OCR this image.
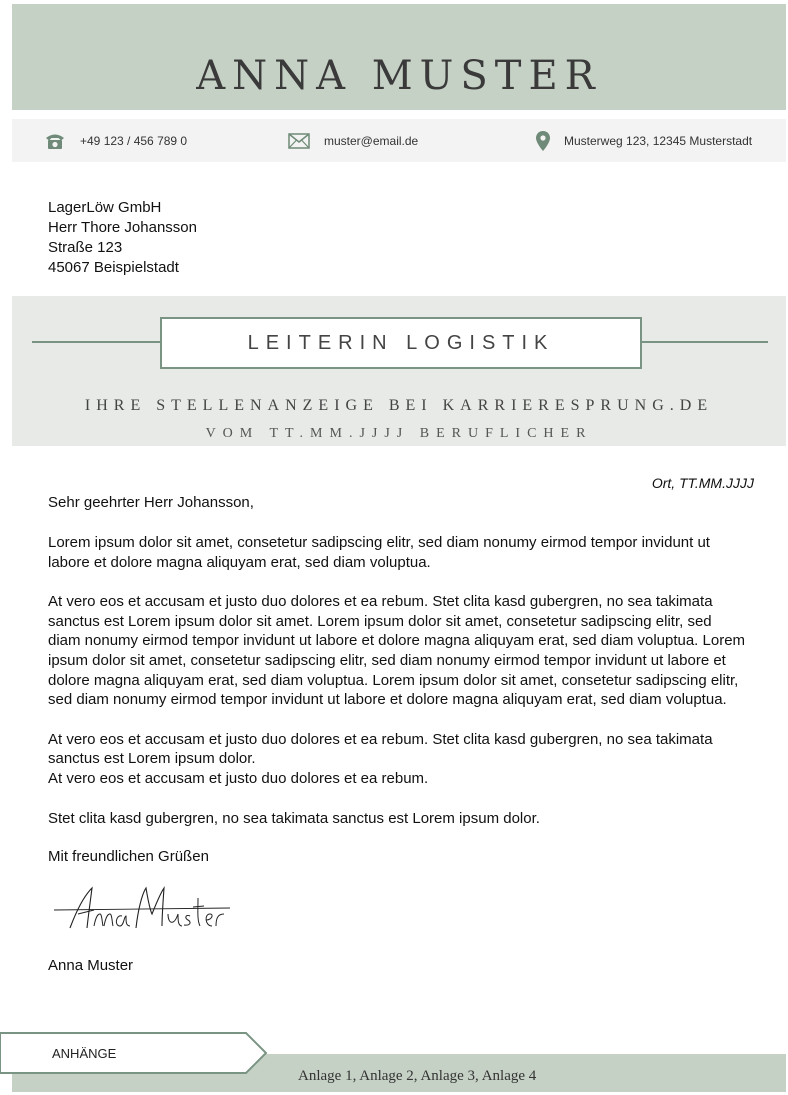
ANNA MUSTER
+49 123 / 456 789 0	muster@email.de	Musterweg 123, 12345 Musterstadt
LagerLöw GmbH
Herr Thore Johansson
Straße 123
45067 Beispielstadt
LEITERIN LOGISTIK
IHRE STELLENANZEIGE BEI KARRIERESPRUNG.DE
VOM TT.MM.JJJJ BERUFLICHER
Ort, TT.MM.JJJJ
Sehr geehrter Herr Johansson,

Lorem ipsum dolor sit amet, consetetur sadipscing elitr, sed diam nonumy eirmod tempor invidunt ut labore et dolore magna aliquyam erat, sed diam voluptua.

At vero eos et accusam et justo duo dolores et ea rebum. Stet clita kasd gubergren, no sea takimata sanctus est Lorem ipsum dolor sit amet. Lorem ipsum dolor sit amet, consetetur sadipscing elitr, sed diam nonumy eirmod tempor invidunt ut labore et dolore magna aliquyam erat, sed diam voluptua. Lorem ipsum dolor sit amet, consetetur sadipscing elitr, sed diam nonumy eirmod tempor invidunt ut labore et dolore magna aliquyam erat, sed diam voluptua. Lorem ipsum dolor sit amet, consetetur sadipscing elitr, sed diam nonumy eirmod tempor invidunt ut labore et dolore magna aliquyam erat, sed diam voluptua.

At vero eos et accusam et justo duo dolores et ea rebum. Stet clita kasd gubergren, no sea takimata sanctus est Lorem ipsum dolor.
At vero eos et accusam et justo duo dolores et ea rebum.

Stet clita kasd gubergren, no sea takimata sanctus est Lorem ipsum dolor.

Mit freundlichen Grüßen
Anna Muster
ANHÄNGE
Anlage 1, Anlage 2, Anlage 3, Anlage 4
